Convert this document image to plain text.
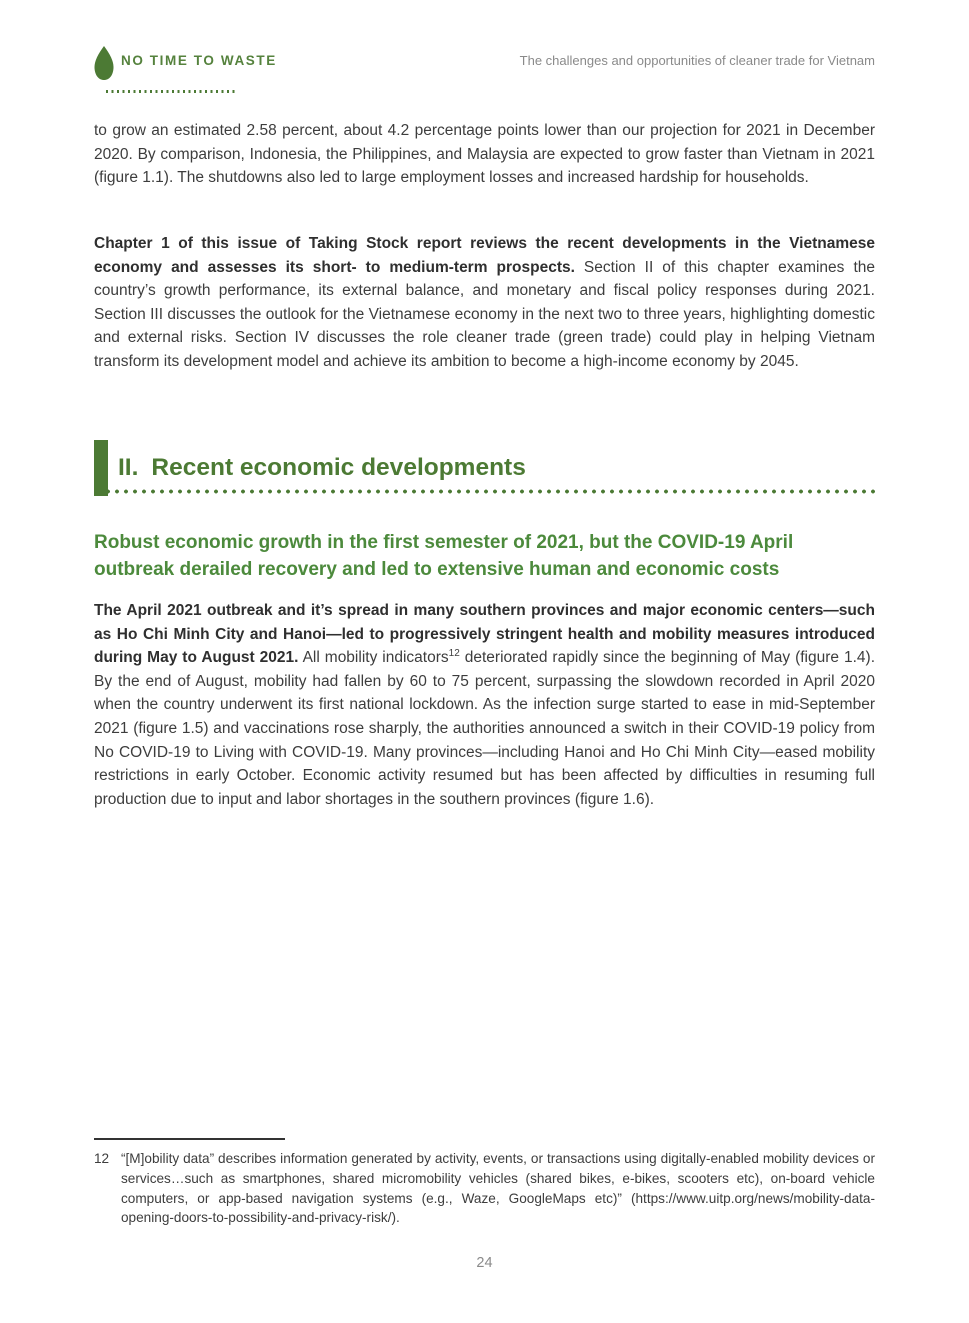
NO TIME TO WASTE	The challenges and opportunities of cleaner trade for Vietnam

to grow an estimated 2.58 percent, about 4.2 percentage points lower than our projection for 2021 in December 2020. By comparison, Indonesia, the Philippines, and Malaysia are expected to grow faster than Vietnam in 2021 (figure 1.1). The shutdowns also led to large employment losses and increased hardship for households.

Chapter 1 of this issue of Taking Stock report reviews the recent developments in the Vietnamese economy and assesses its short- to medium-term prospects. Section II of this chapter examines the country’s growth performance, its external balance, and monetary and fiscal policy responses during 2021. Section III discusses the outlook for the Vietnamese economy in the next two to three years, highlighting domestic and external risks. Section IV discusses the role cleaner trade (green trade) could play in helping Vietnam transform its development model and achieve its ambition to become a high-income economy by 2045.

II. Recent economic developments
Robust economic growth in the first semester of 2021, but the COVID-19 April outbreak derailed recovery and led to extensive human and economic costs

The April 2021 outbreak and it’s spread in many southern provinces and major economic centers—such as Ho Chi Minh City and Hanoi—led to progressively stringent health and mobility measures introduced during May to August 2021. All mobility indicators$^{12}$ deteriorated rapidly since the beginning of May (figure 1.4). By the end of August, mobility had fallen by 60 to 75 percent, surpassing the slowdown recorded in April 2020 when the country underwent its first national lockdown. As the infection surge started to ease in mid-September 2021 (figure 1.5) and vaccinations rose sharply, the authorities announced a switch in their COVID-19 policy from No COVID-19 to Living with COVID-19. Many provinces—including Hanoi and Ho Chi Minh City—eased mobility restrictions in early October. Economic activity resumed but has been affected by difficulties in resuming full production due to input and labor shortages in the southern provinces (figure 1.6).

12 “[M]obility data” describes information generated by activity, events, or transactions using digitally-enabled mobility devices or services…such as smartphones, shared micromobility vehicles (shared bikes, e-bikes, scooters etc), on-board vehicle computers, or app-based navigation systems (e.g., Waze, GoogleMaps etc)” (https://www.uitp.org/news/mobility-data-opening-doors-to-possibility-and-privacy-risk/).
24
